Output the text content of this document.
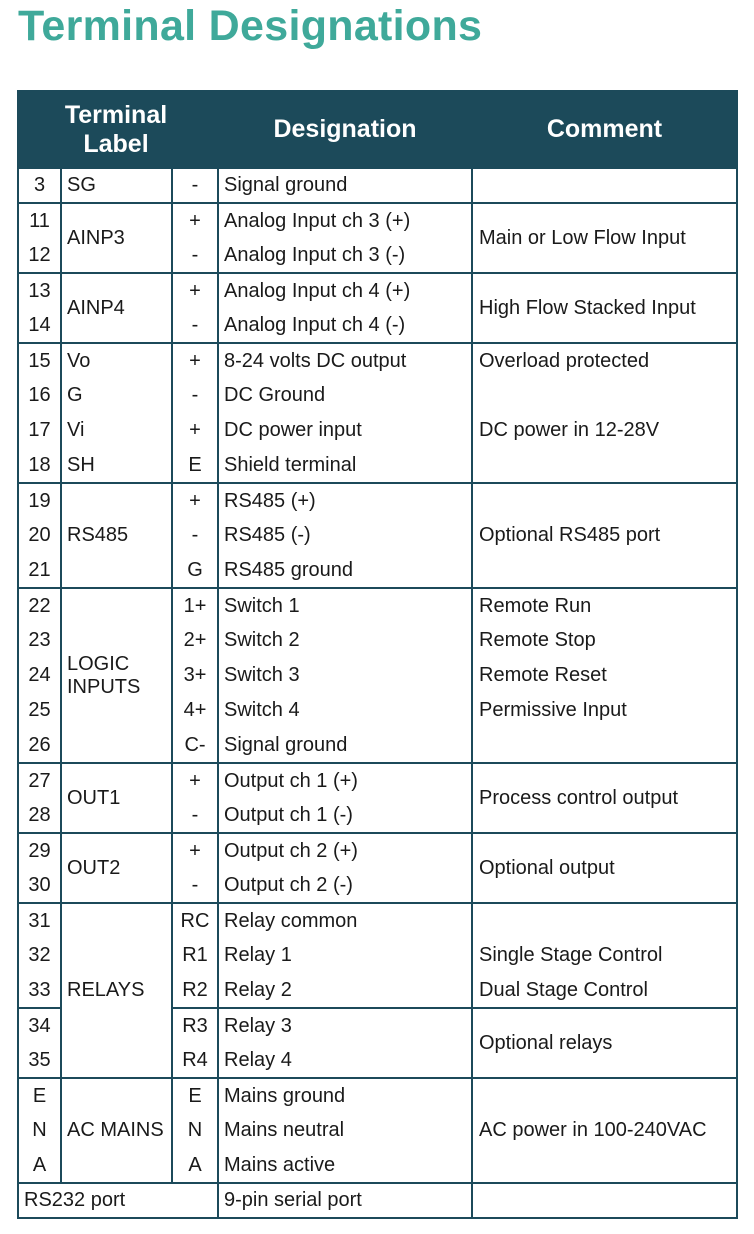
Terminal Designations
Terminal Label			Designation	Comment
3	SG	-	Signal ground	
11	AINP3	+	Analog Input ch 3 (+)	Main or Low Flow Input
12		-	Analog Input ch 3 (-)	
13	AINP4	+	Analog Input ch 4 (+)	High Flow Stacked Input
14		-	Analog Input ch 4 (-)	
15	Vo	+	8-24 volts DC output	Overload protected
16	G	-	DC Ground	
17	Vi	+	DC power input	DC power in 12-28V
18	SH	E	Shield terminal	
19	RS485	+	RS485 (+)	Optional RS485 port
20		-	RS485 (-)	
21		G	RS485 ground	
22	LOGIC INPUTS	1+	Switch 1	Remote Run
23		2+	Switch 2	Remote Stop
24		3+	Switch 3	Remote Reset
25		4+	Switch 4	Permissive Input
26		C-	Signal ground	
27	OUT1	+	Output ch 1 (+)	Process control output
28		-	Output ch 1 (-)	
29	OUT2	+	Output ch 2 (+)	Optional output
30		-	Output ch 2 (-)	
31	RELAYS	RC	Relay common	
32		R1	Relay 1	Single Stage Control
33		R2	Relay 2	Dual Stage Control
34		R3	Relay 3	Optional relays
35		R4	Relay 4	
E	AC MAINS	E	Mains ground	AC power in 100-240VAC
N		N	Mains neutral	
A		A	Mains active	
RS232 port			9-pin serial port	
